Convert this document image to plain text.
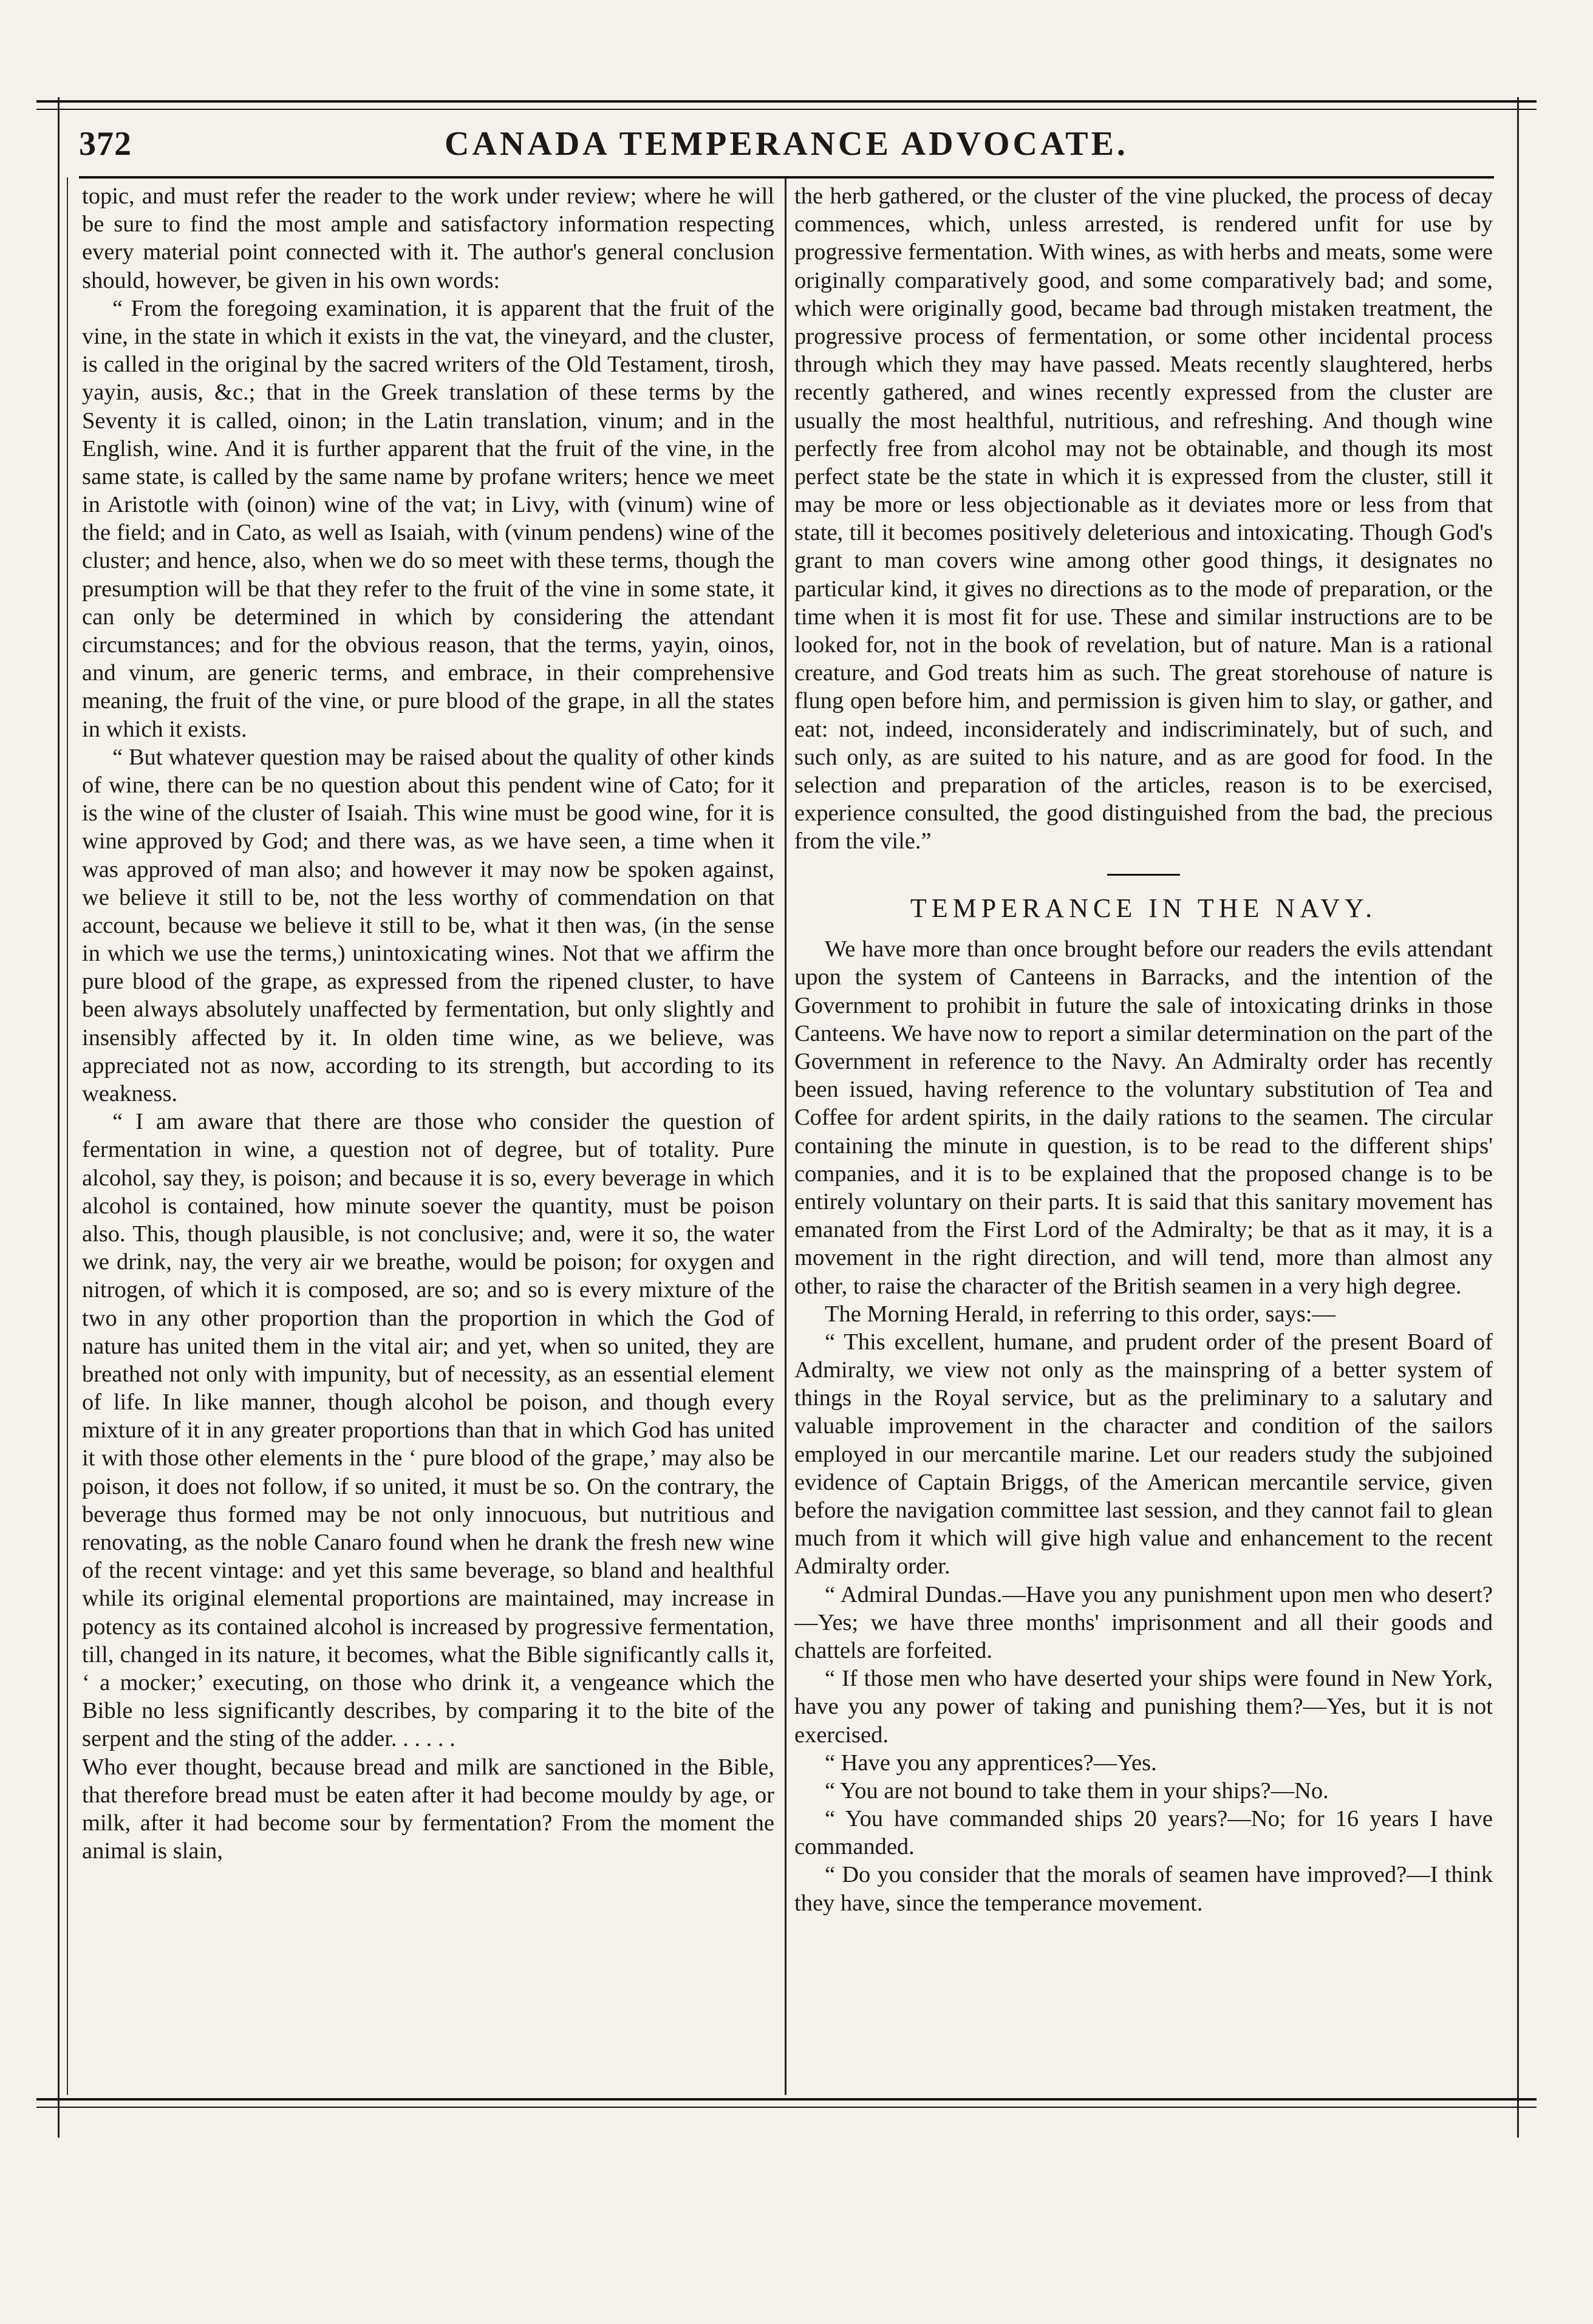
372	CANADA TEMPERANCE ADVOCATE.

topic, and must refer the reader to the work under review; where he will be sure to find the most ample and satisfactory information respecting every material point connected with it. The author's general conclusion should, however, be given in his own words:

“ From the foregoing examination, it is apparent that the fruit of the vine, in the state in which it exists in the vat, the vineyard, and the cluster, is called in the original by the sacred writers of the Old Testament, tirosh, yayin, ausis, &c.; that in the Greek translation of these terms by the Seventy it is called, oinon; in the Latin translation, vinum; and in the English, wine. And it is further apparent that the fruit of the vine, in the same state, is called by the same name by profane writers; hence we meet in Aristotle with (oinon) wine of the vat; in Livy, with (vinum) wine of the field; and in Cato, as well as Isaiah, with (vinum pendens) wine of the cluster; and hence, also, when we do so meet with these terms, though the presumption will be that they refer to the fruit of the vine in some state, it can only be determined in which by considering the attendant circumstances; and for the obvious reason, that the terms, yayin, oinos, and vinum, are generic terms, and embrace, in their comprehensive meaning, the fruit of the vine, or pure blood of the grape, in all the states in which it exists.

“ But whatever question may be raised about the quality of other kinds of wine, there can be no question about this pendent wine of Cato; for it is the wine of the cluster of Isaiah. This wine must be good wine, for it is wine approved by God; and there was, as we have seen, a time when it was approved of man also; and however it may now be spoken against, we believe it still to be, not the less worthy of commendation on that account, because we believe it still to be, what it then was, (in the sense in which we use the terms,) unintoxicating wines. Not that we affirm the pure blood of the grape, as expressed from the ripened cluster, to have been always absolutely unaffected by fermentation, but only slightly and insensibly affected by it. In olden time wine, as we believe, was appreciated not as now, according to its strength, but according to its weakness.

“ I am aware that there are those who consider the question of fermentation in wine, a question not of degree, but of totality. Pure alcohol, say they, is poison; and because it is so, every beverage in which alcohol is contained, how minute soever the quantity, must be poison also. This, though plausible, is not conclusive; and, were it so, the water we drink, nay, the very air we breathe, would be poison; for oxygen and nitrogen, of which it is composed, are so; and so is every mixture of the two in any other proportion than the proportion in which the God of nature has united them in the vital air; and yet, when so united, they are breathed not only with impunity, but of necessity, as an essential element of life. In like manner, though alcohol be poison, and though every mixture of it in any greater proportions than that in which God has united it with those other elements in the ‘ pure blood of the grape,’ may also be poison, it does not follow, if so united, it must be so. On the contrary, the beverage thus formed may be not only innocuous, but nutritious and renovating, as the noble Canaro found when he drank the fresh new wine of the recent vintage: and yet this same beverage, so bland and healthful while its original elemental proportions are maintained, may increase in potency as its contained alcohol is increased by progressive fermentation, till, changed in its nature, it becomes, what the Bible significantly calls it, ‘ a mocker;’ executing, on those who drink it, a vengeance which the Bible no less significantly describes, by comparing it to the bite of the serpent and the sting of the adder. . . . . .

Who ever thought, because bread and milk are sanctioned in the Bible, that therefore bread must be eaten after it had become mouldy by age, or milk, after it had become sour by fermentation? From the moment the animal is slain,

the herb gathered, or the cluster of the vine plucked, the process of decay commences, which, unless arrested, is rendered unfit for use by progressive fermentation. With wines, as with herbs and meats, some were originally comparatively good, and some comparatively bad; and some, which were originally good, became bad through mistaken treatment, the progressive process of fermentation, or some other incidental process through which they may have passed. Meats recently slaughtered, herbs recently gathered, and wines recently expressed from the cluster are usually the most healthful, nutritious, and refreshing. And though wine perfectly free from alcohol may not be obtainable, and though its most perfect state be the state in which it is expressed from the cluster, still it may be more or less objectionable as it deviates more or less from that state, till it becomes positively deleterious and intoxicating. Though God's grant to man covers wine among other good things, it designates no particular kind, it gives no directions as to the mode of preparation, or the time when it is most fit for use. These and similar instructions are to be looked for, not in the book of revelation, but of nature. Man is a rational creature, and God treats him as such. The great storehouse of nature is flung open before him, and permission is given him to slay, or gather, and eat: not, indeed, inconsiderately and indiscriminately, but of such, and such only, as are suited to his nature, and as are good for food. In the selection and preparation of the articles, reason is to be exercised, experience consulted, the good distinguished from the bad, the precious from the vile.”

TEMPERANCE IN THE NAVY.

We have more than once brought before our readers the evils attendant upon the system of Canteens in Barracks, and the intention of the Government to prohibit in future the sale of intoxicating drinks in those Canteens. We have now to report a similar determination on the part of the Government in reference to the Navy. An Admiralty order has recently been issued, having reference to the voluntary substitution of Tea and Coffee for ardent spirits, in the daily rations to the seamen. The circular containing the minute in question, is to be read to the different ships' companies, and it is to be explained that the proposed change is to be entirely voluntary on their parts. It is said that this sanitary movement has emanated from the First Lord of the Admiralty; be that as it may, it is a movement in the right direction, and will tend, more than almost any other, to raise the character of the British seamen in a very high degree.

The Morning Herald, in referring to this order, says:—

“ This excellent, humane, and prudent order of the present Board of Admiralty, we view not only as the mainspring of a better system of things in the Royal service, but as the preliminary to a salutary and valuable improvement in the character and condition of the sailors employed in our mercantile marine. Let our readers study the subjoined evidence of Captain Briggs, of the American mercantile service, given before the navigation committee last session, and they cannot fail to glean much from it which will give high value and enhancement to the recent Admiralty order.

“ Admiral Dundas.—Have you any punishment upon men who desert?—Yes; we have three months' imprisonment and all their goods and chattels are forfeited.

“ If those men who have deserted your ships were found in New York, have you any power of taking and punishing them?—Yes, but it is not exercised.

“ Have you any apprentices?—Yes.

“ You are not bound to take them in your ships?—No.

“ You have commanded ships 20 years?—No; for 16 years I have commanded.

“ Do you consider that the morals of seamen have improved?—I think they have, since the temperance movement.
